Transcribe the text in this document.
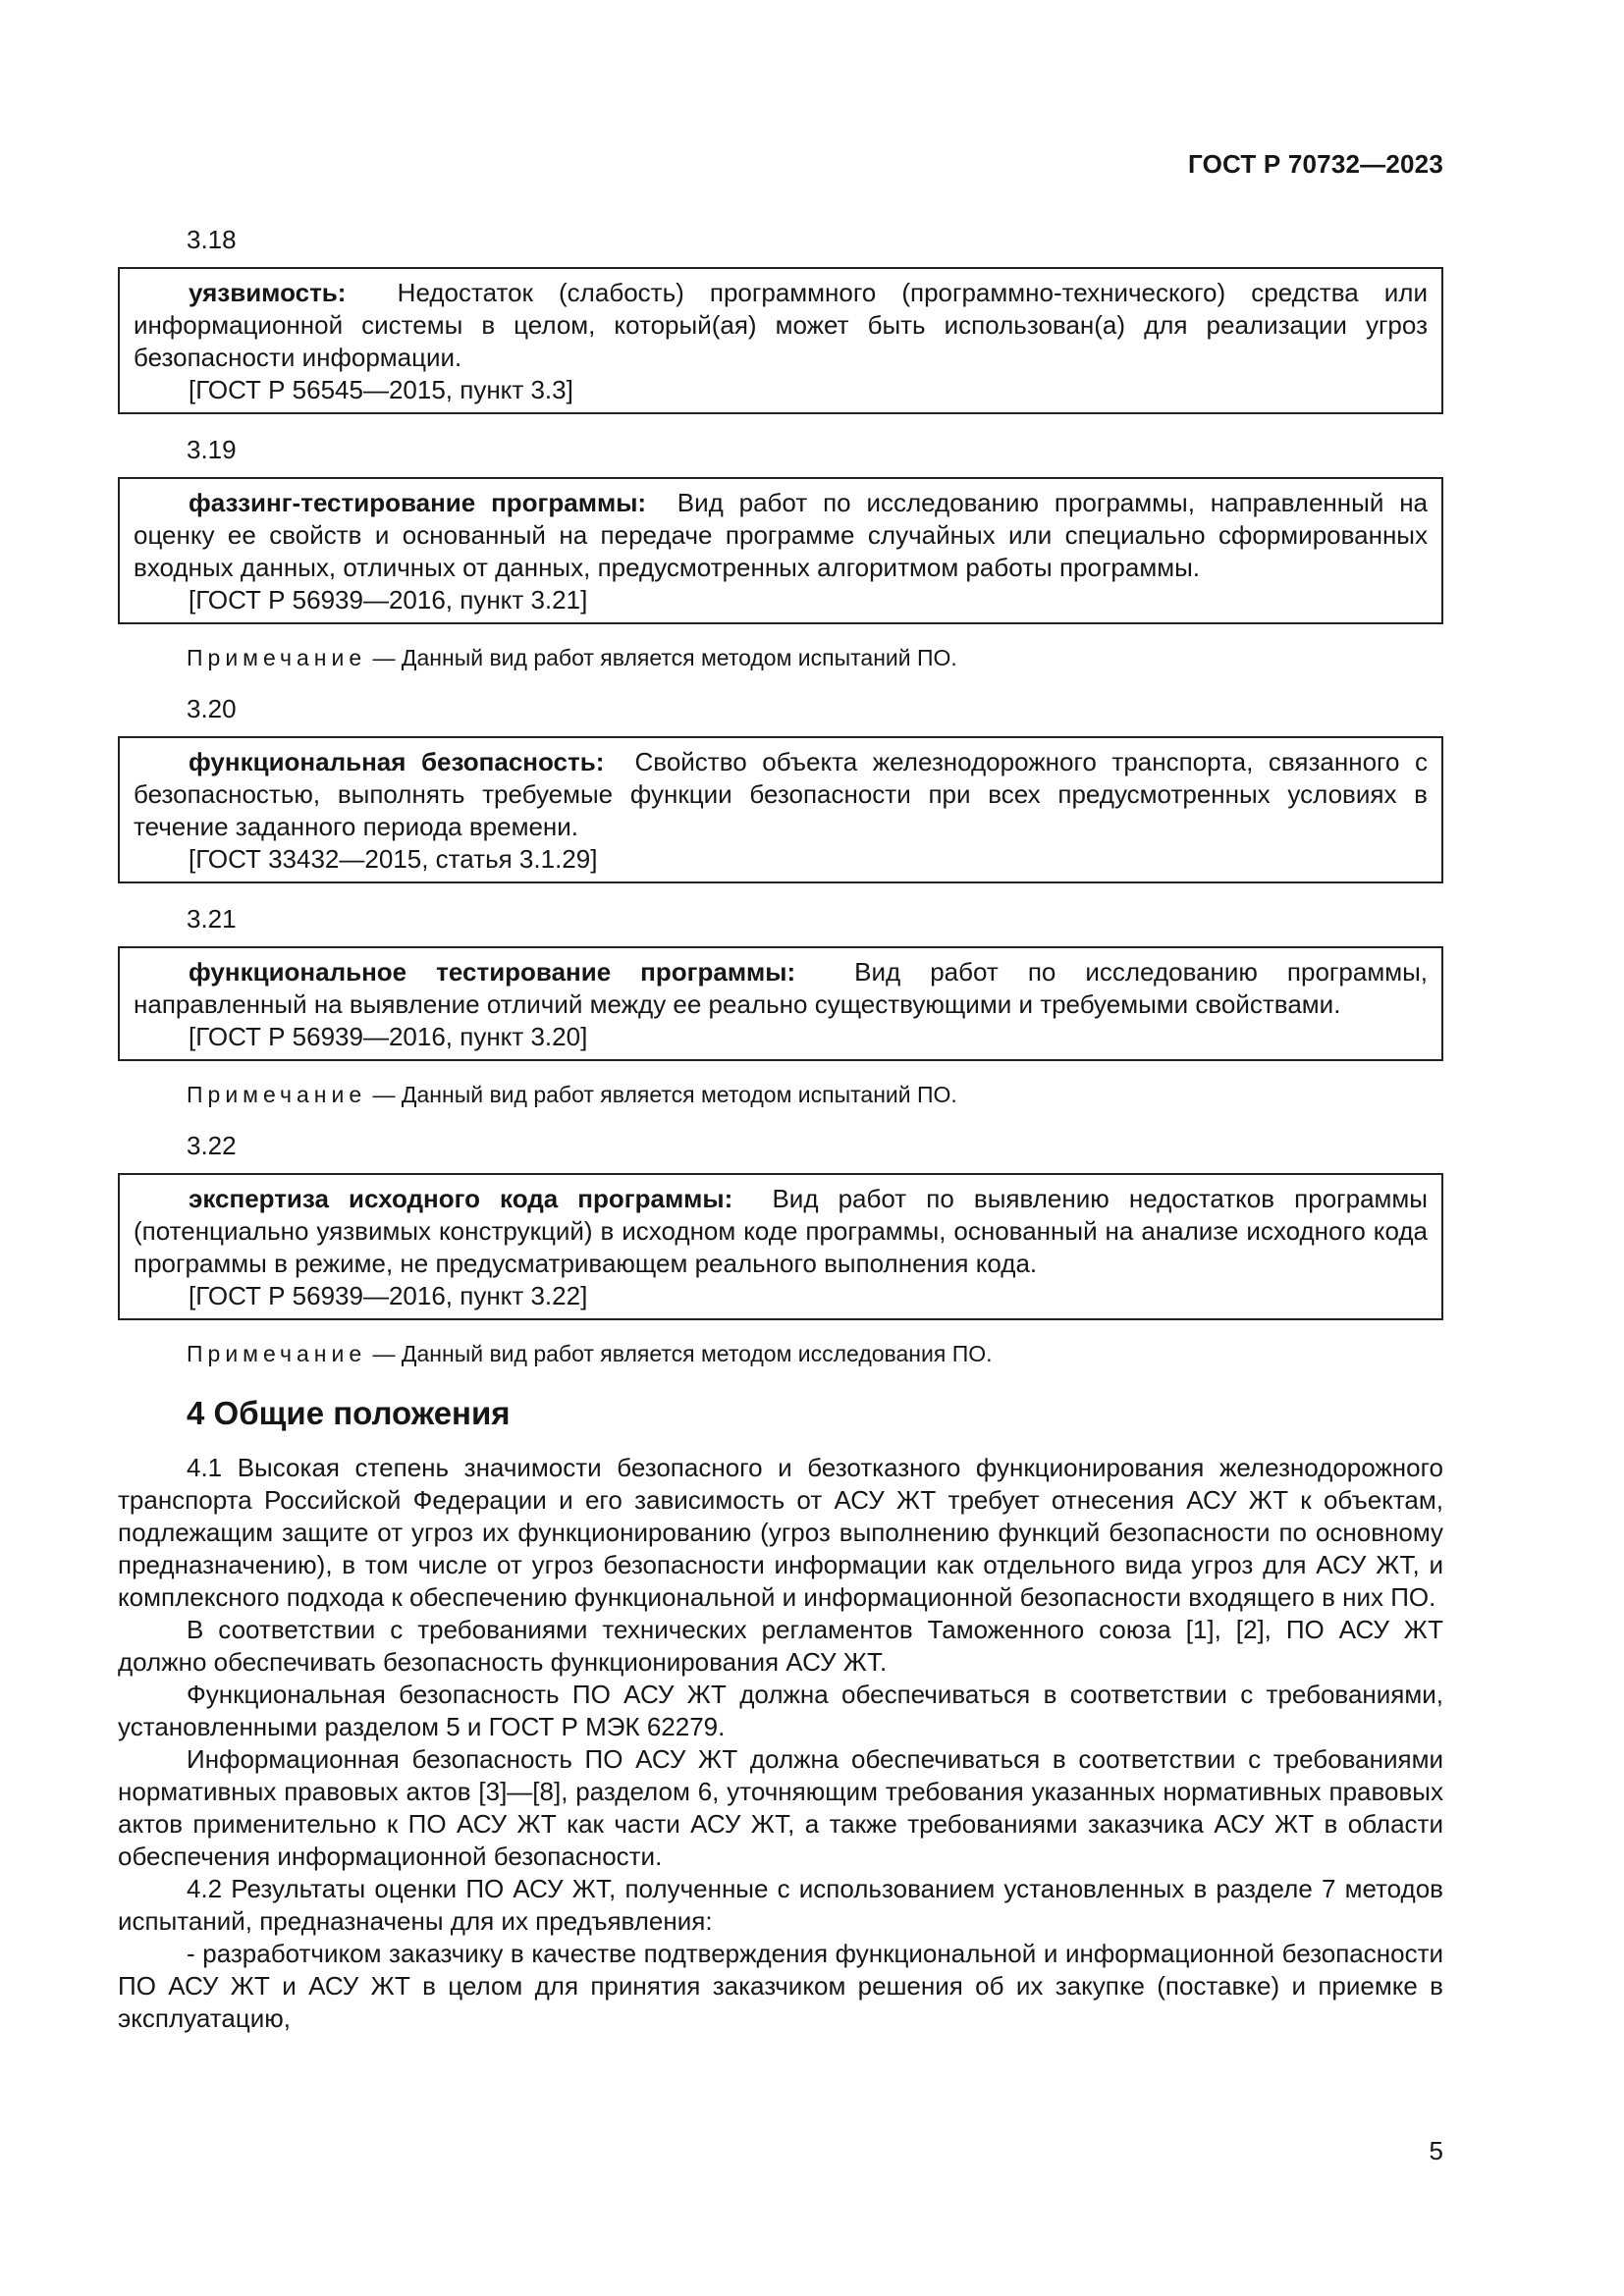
ГОСТ Р 70732—2023
3.18

уязвимость: Недостаток (слабость) программного (программно-технического) средства или информационной системы в целом, который(ая) может быть использован(а) для реализации угроз безопасности информации.

[ГОСТ Р 56545—2015, пункт 3.3]

3.19

фаззинг-тестирование программы: Вид работ по исследованию программы, направленный на оценку ее свойств и основанный на передаче программе случайных или специально сформированных входных данных, отличных от данных, предусмотренных алгоритмом работы программы.

[ГОСТ Р 56939—2016, пункт 3.21]

Примечание — Данный вид работ является методом испытаний ПО.
3.20

функциональная безопасность: Свойство объекта железнодорожного транспорта, связанного с безопасностью, выполнять требуемые функции безопасности при всех предусмотренных условиях в течение заданного периода времени.

[ГОСТ 33432—2015, статья 3.1.29]

3.21

функциональное тестирование программы: Вид работ по исследованию программы, направленный на выявление отличий между ее реально существующими и требуемыми свойствами.

[ГОСТ Р 56939—2016, пункт 3.20]

Примечание — Данный вид работ является методом испытаний ПО.
3.22

экспертиза исходного кода программы: Вид работ по выявлению недостатков программы (потенциально уязвимых конструкций) в исходном коде программы, основанный на анализе исходного кода программы в режиме, не предусматривающем реального выполнения кода.

[ГОСТ Р 56939—2016, пункт 3.22]

Примечание — Данный вид работ является методом исследования ПО.
4 Общие положения

4.1 Высокая степень значимости безопасного и безотказного функционирования железнодорожного транспорта Российской Федерации и его зависимость от АСУ ЖТ требует отнесения АСУ ЖТ к объектам, подлежащим защите от угроз их функционированию (угроз выполнению функций безопасности по основному предназначению), в том числе от угроз безопасности информации как отдельного вида угроз для АСУ ЖТ, и комплексного подхода к обеспечению функциональной и информационной безопасности входящего в них ПО.

В соответствии с требованиями технических регламентов Таможенного союза [1], [2], ПО АСУ ЖТ должно обеспечивать безопасность функционирования АСУ ЖТ.

Функциональная безопасность ПО АСУ ЖТ должна обеспечиваться в соответствии с требованиями, установленными разделом 5 и ГОСТ Р МЭК 62279.

Информационная безопасность ПО АСУ ЖТ должна обеспечиваться в соответствии с требованиями нормативных правовых актов [3]—[8], разделом 6, уточняющим требования указанных нормативных правовых актов применительно к ПО АСУ ЖТ как части АСУ ЖТ, а также требованиями заказчика АСУ ЖТ в области обеспечения информационной безопасности.

4.2 Результаты оценки ПО АСУ ЖТ, полученные с использованием установленных в разделе 7 методов испытаний, предназначены для их предъявления:

- разработчиком заказчику в качестве подтверждения функциональной и информационной безопасности ПО АСУ ЖТ и АСУ ЖТ в целом для принятия заказчиком решения об их закупке (поставке) и приемке в эксплуатацию,

5
